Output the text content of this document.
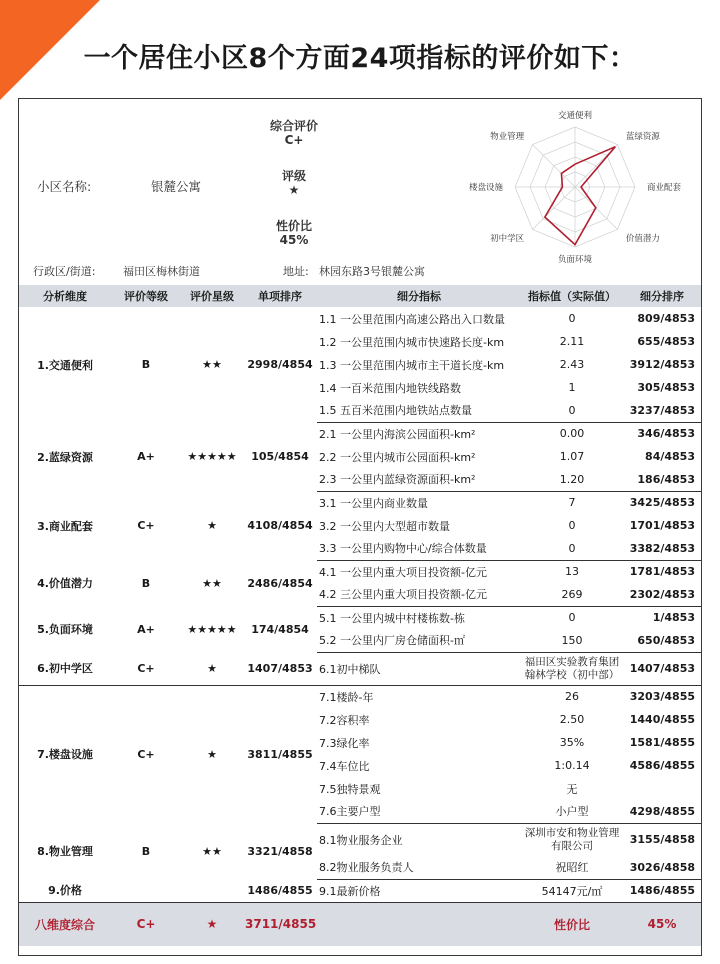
一个居住小区8个方面24项指标的评价如下：
小区名称:	银麓公寓
综合评价
C+
评级
★
性价比
45%
行政区/街道:	福田区梅林街道	地址: 林园东路3号银麓公寓
交通便利
蓝绿资源
商业配套
价值潜力
负面环境
初中学区
楼盘设施
物业管理
分析维度	评价等级	评价星级	单项排序	细分指标	指标值（实际值）	细分排序
1.交通便利	B	★★	2998/4854	1.1 一公里范围内高速公路出入口数量	0	809/4853
				1.2 一公里范围内城市快速路长度-km	2.11	655/4853
				1.3 一公里范围内城市主干道长度-km	2.43	3912/4853
				1.4 一百米范围内地铁线路数	1	305/4853
				1.5 五百米范围内地铁站点数量	0	3237/4853
2.蓝绿资源	A+	★★★★★	105/4854	2.1 一公里内海滨公园面积-km²	0.00	346/4853
				2.2 一公里内城市公园面积-km²	1.07	84/4853
				2.3 一公里内蓝绿资源面积-km²	1.20	186/4853
3.商业配套	C+	★	4108/4854	3.1 一公里内商业数量	7	3425/4853
				3.2 一公里内大型超市数量	0	1701/4853
				3.3 一公里内购物中心/综合体数量	0	3382/4853
4.价值潜力	B	★★	2486/4854	4.1 一公里内重大项目投资额-亿元	13	1781/4853
				4.2 三公里内重大项目投资额-亿元	269	2302/4853
5.负面环境	A+	★★★★★	174/4854	5.1 一公里内城中村楼栋数-栋	0	1/4853
				5.2 一公里内厂房仓储面积-㎡	150	650/4853
6.初中学区	C+	★	1407/4853	6.1初中梯队	福田区实验教育集团翰林学校（初中部）	1407/4853
7.楼盘设施	C+	★	3811/4855	7.1楼龄-年	26	3203/4855
				7.2容积率	2.50	1440/4855
				7.3绿化率	35%	1581/4855
				7.4车位比	1:0.14	4586/4855
				7.5独特景观	无	
				7.6主要户型	小户型	4298/4855
8.物业管理	B	★★	3321/4858	8.1物业服务企业	深圳市安和物业管理有限公司	3155/4858
				8.2物业服务负责人	祝昭红	3026/4858
9.价格			1486/4855	9.1最新价格	54147元/㎡	1486/4855
八维度综合	C+	★	3711/4855		性价比	45%
